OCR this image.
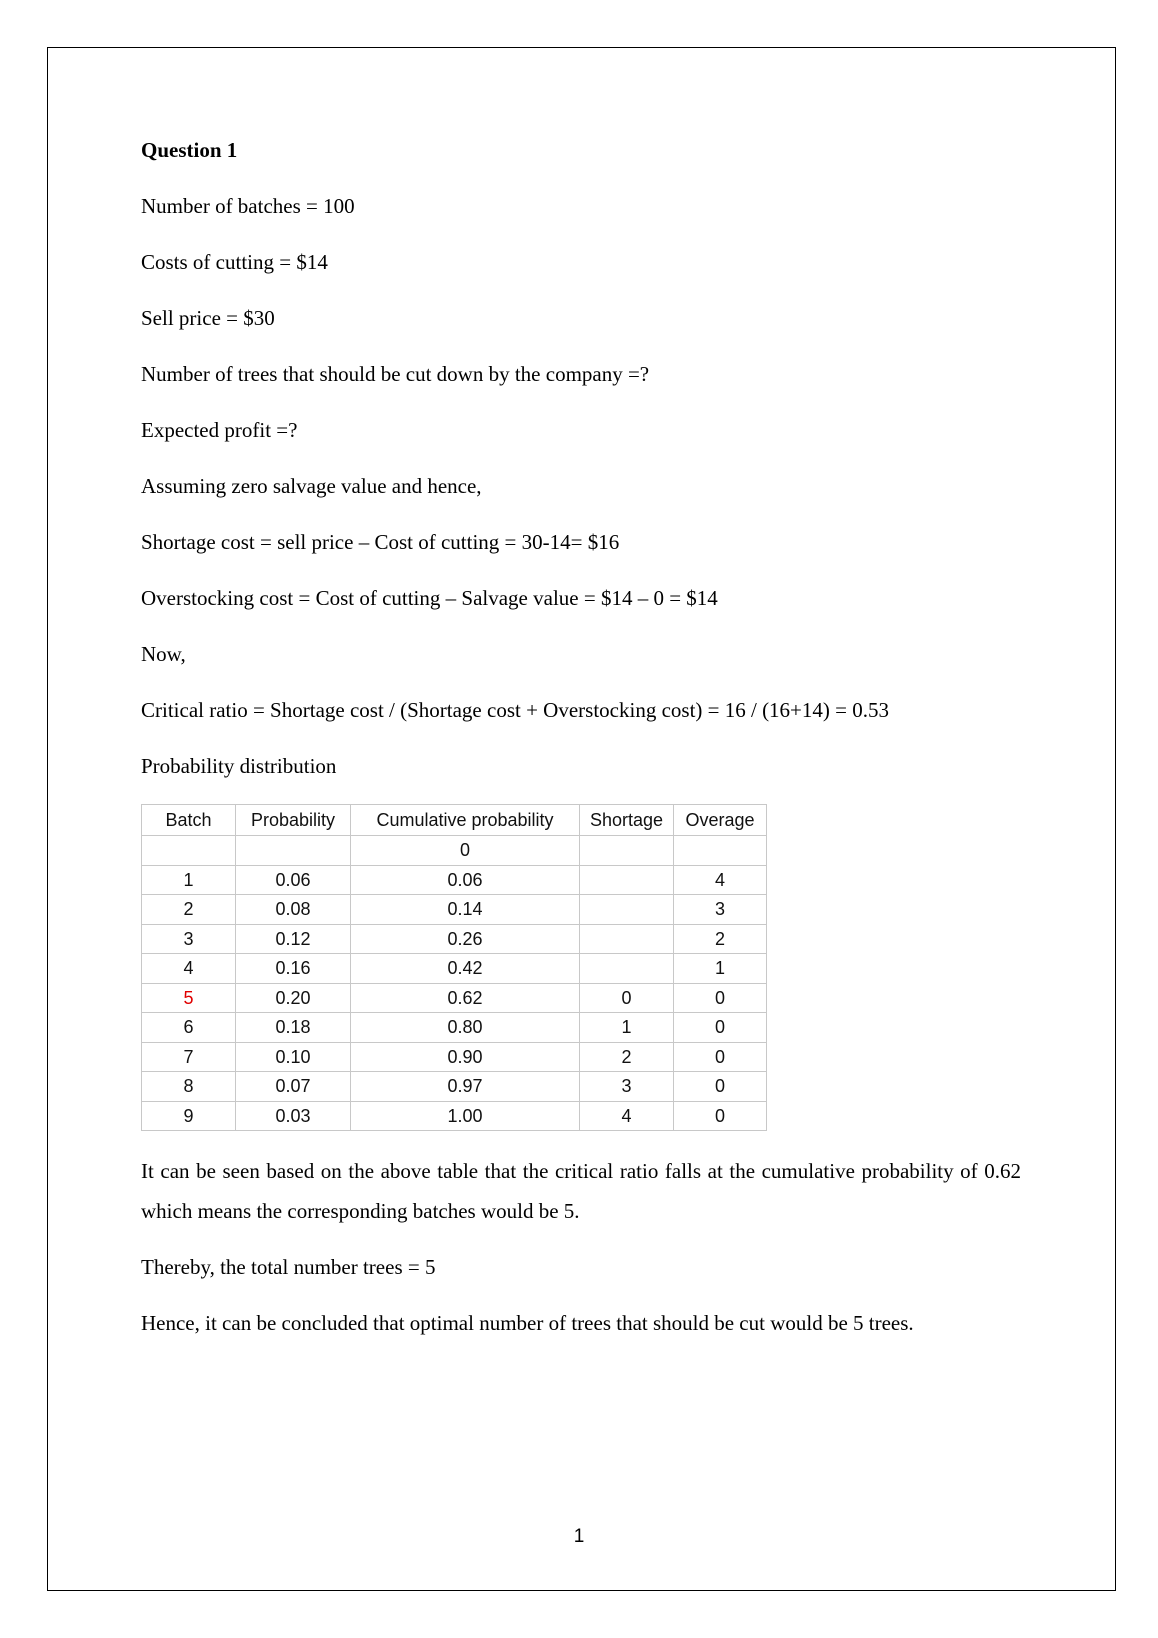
Question 1

Number of batches = 100

Costs of cutting = $14

Sell price = $30

Number of trees that should be cut down by the company =?

Expected profit =?

Assuming zero salvage value and hence,

Shortage cost = sell price – Cost of cutting = 30-14= $16

Overstocking cost = Cost of cutting – Salvage value = $14 – 0 = $14

Now,

Critical ratio = Shortage cost / (Shortage cost + Overstocking cost) = 16 / (16+14) = 0.53

Probability distribution

Batch	Probability	Cumulative probability	Shortage	Overage
		0		
1	0.06	0.06		4
2	0.08	0.14		3
3	0.12	0.26		2
4	0.16	0.42		1
5	0.20	0.62	0	0
6	0.18	0.80	1	0
7	0.10	0.90	2	0
8	0.07	0.97	3	0
9	0.03	1.00	4	0

It can be seen based on the above table that the critical ratio falls at the cumulative probability of 0.62 which means the corresponding batches would be 5.

Thereby, the total number trees = 5

Hence, it can be concluded that optimal number of trees that should be cut would be 5 trees.

1
